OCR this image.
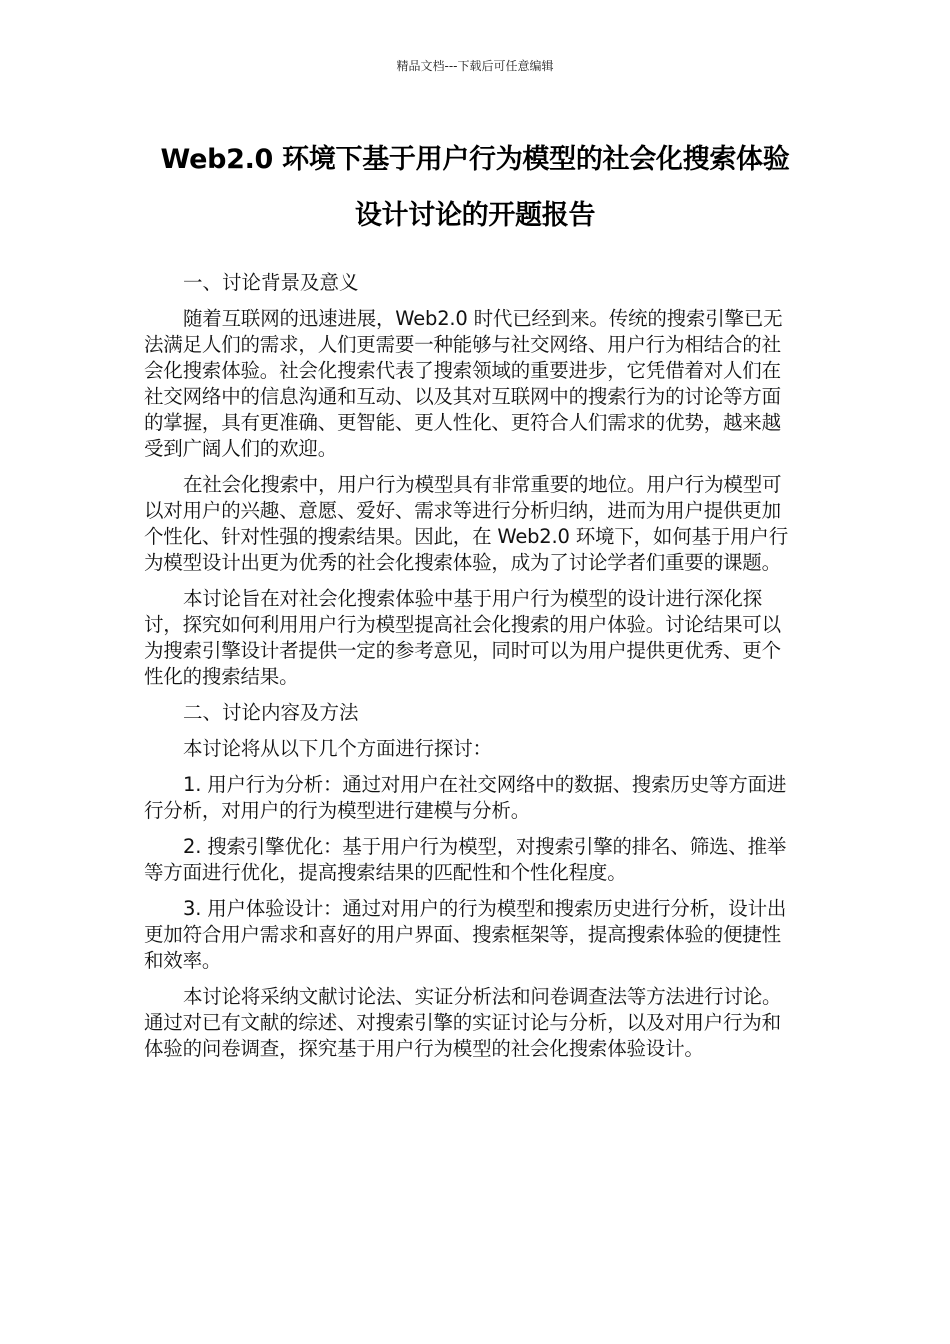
精品文档---下载后可任意编辑
Web2.0 环境下基于用户行为模型的社会化搜索体验
设计讨论的开题报告

一、讨论背景及意义

随着互联网的迅速进展，Web2.0 时代已经到来。传统的搜索引擎已无法满足人们的需求，人们更需要一种能够与社交网络、用户行为相结合的社会化搜索体验。社会化搜索代表了搜索领域的重要进步，它凭借着对人们在社交网络中的信息沟通和互动、以及其对互联网中的搜索行为的讨论等方面的掌握，具有更准确、更智能、更人性化、更符合人们需求的优势，越来越受到广阔人们的欢迎。

在社会化搜索中，用户行为模型具有非常重要的地位。用户行为模型可以对用户的兴趣、意愿、爱好、需求等进行分析归纳，进而为用户提供更加个性化、针对性强的搜索结果。因此，在 Web2.0 环境下，如何基于用户行为模型设计出更为优秀的社会化搜索体验，成为了讨论学者们重要的课题。

本讨论旨在对社会化搜索体验中基于用户行为模型的设计进行深化探讨，探究如何利用用户行为模型提高社会化搜索的用户体验。讨论结果可以为搜索引擎设计者提供一定的参考意见，同时可以为用户提供更优秀、更个性化的搜索结果。

二、讨论内容及方法

本讨论将从以下几个方面进行探讨：

1. 用户行为分析：通过对用户在社交网络中的数据、搜索历史等方面进行分析，对用户的行为模型进行建模与分析。

2. 搜索引擎优化：基于用户行为模型，对搜索引擎的排名、筛选、推举等方面进行优化，提高搜索结果的匹配性和个性化程度。

3. 用户体验设计：通过对用户的行为模型和搜索历史进行分析，设计出更加符合用户需求和喜好的用户界面、搜索框架等，提高搜索体验的便捷性和效率。

本讨论将采纳文献讨论法、实证分析法和问卷调查法等方法进行讨论。通过对已有文献的综述、对搜索引擎的实证讨论与分析，以及对用户行为和体验的问卷调查，探究基于用户行为模型的社会化搜索体验设计。
